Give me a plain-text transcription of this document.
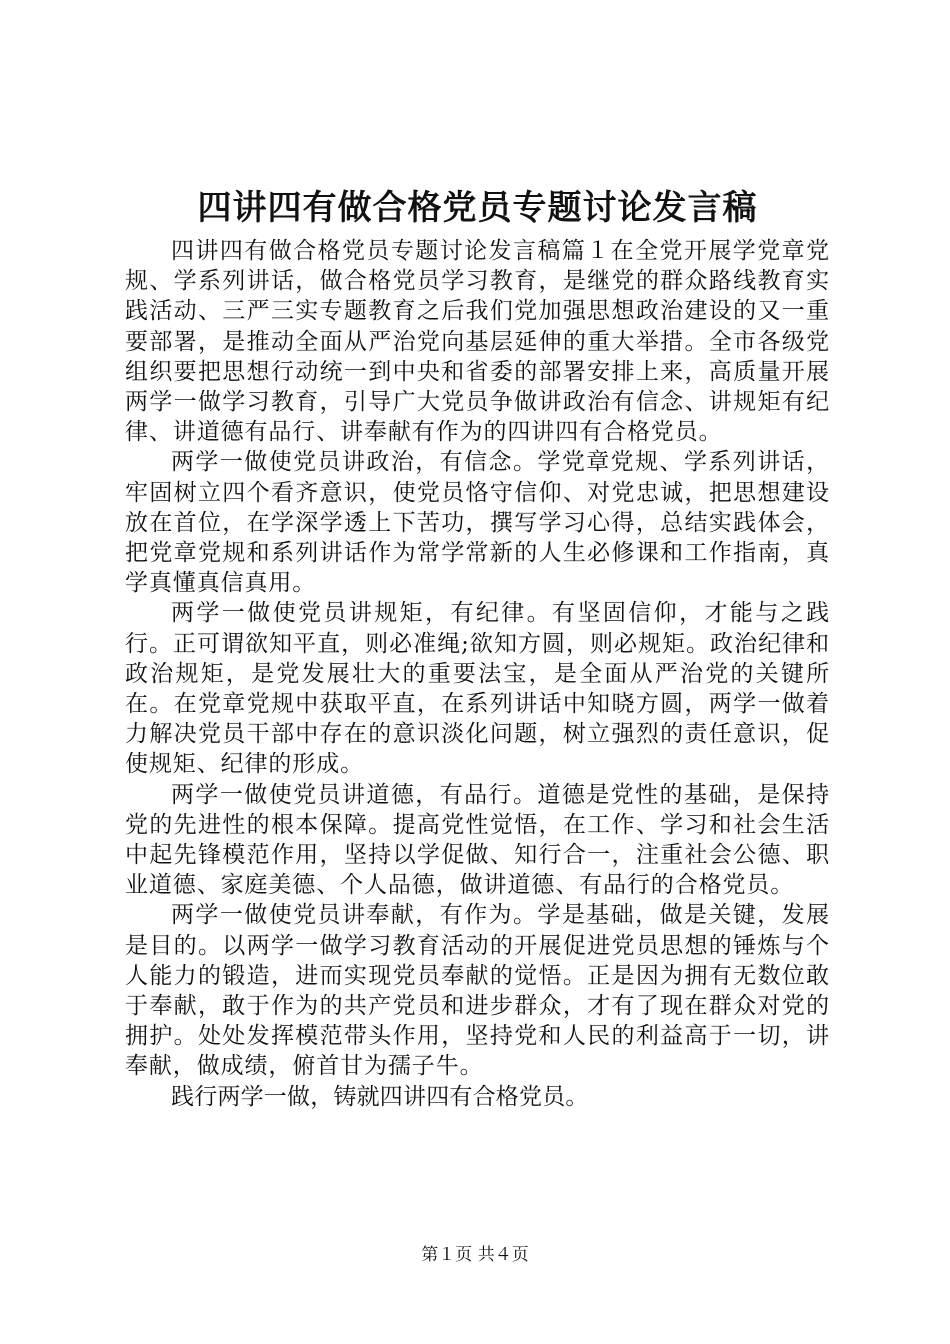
四讲四有做合格党员专题讨论发言稿

四讲四有做合格党员专题讨论发言稿篇１在全党开展学党章党规、学系列讲话，做合格党员学习教育，是继党的群众路线教育实践活动、三严三实专题教育之后我们党加强思想政治建设的又一重要部署，是推动全面从严治党向基层延伸的重大举措。全市各级党组织要把思想行动统一到中央和省委的部署安排上来，高质量开展两学一做学习教育，引导广大党员争做讲政治有信念、讲规矩有纪律、讲道德有品行、讲奉献有作为的四讲四有合格党员。

两学一做使党员讲政治，有信念。学党章党规、学系列讲话，牢固树立四个看齐意识，使党员恪守信仰、对党忠诚，把思想建设放在首位，在学深学透上下苦功，撰写学习心得，总结实践体会，把党章党规和系列讲话作为常学常新的人生必修课和工作指南，真学真懂真信真用。

两学一做使党员讲规矩，有纪律。有坚固信仰，才能与之践行。正可谓欲知平直，则必准绳;欲知方圆，则必规矩。政治纪律和政治规矩，是党发展壮大的重要法宝，是全面从严治党的关键所在。在党章党规中获取平直，在系列讲话中知晓方圆，两学一做着力解决党员干部中存在的意识淡化问题，树立强烈的责任意识，促使规矩、纪律的形成。

两学一做使党员讲道德，有品行。道德是党性的基础，是保持党的先进性的根本保障。提高党性觉悟，在工作、学习和社会生活中起先锋模范作用，坚持以学促做、知行合一，注重社会公德、职业道德、家庭美德、个人品德，做讲道德、有品行的合格党员。

两学一做使党员讲奉献，有作为。学是基础，做是关键，发展是目的。以两学一做学习教育活动的开展促进党员思想的锤炼与个人能力的锻造，进而实现党员奉献的觉悟。正是因为拥有无数位敢于奉献，敢于作为的共产党员和进步群众，才有了现在群众对党的拥护。处处发挥模范带头作用，坚持党和人民的利益高于一切，讲奉献，做成绩，俯首甘为孺子牛。

践行两学一做，铸就四讲四有合格党员。

第１页 共４页
